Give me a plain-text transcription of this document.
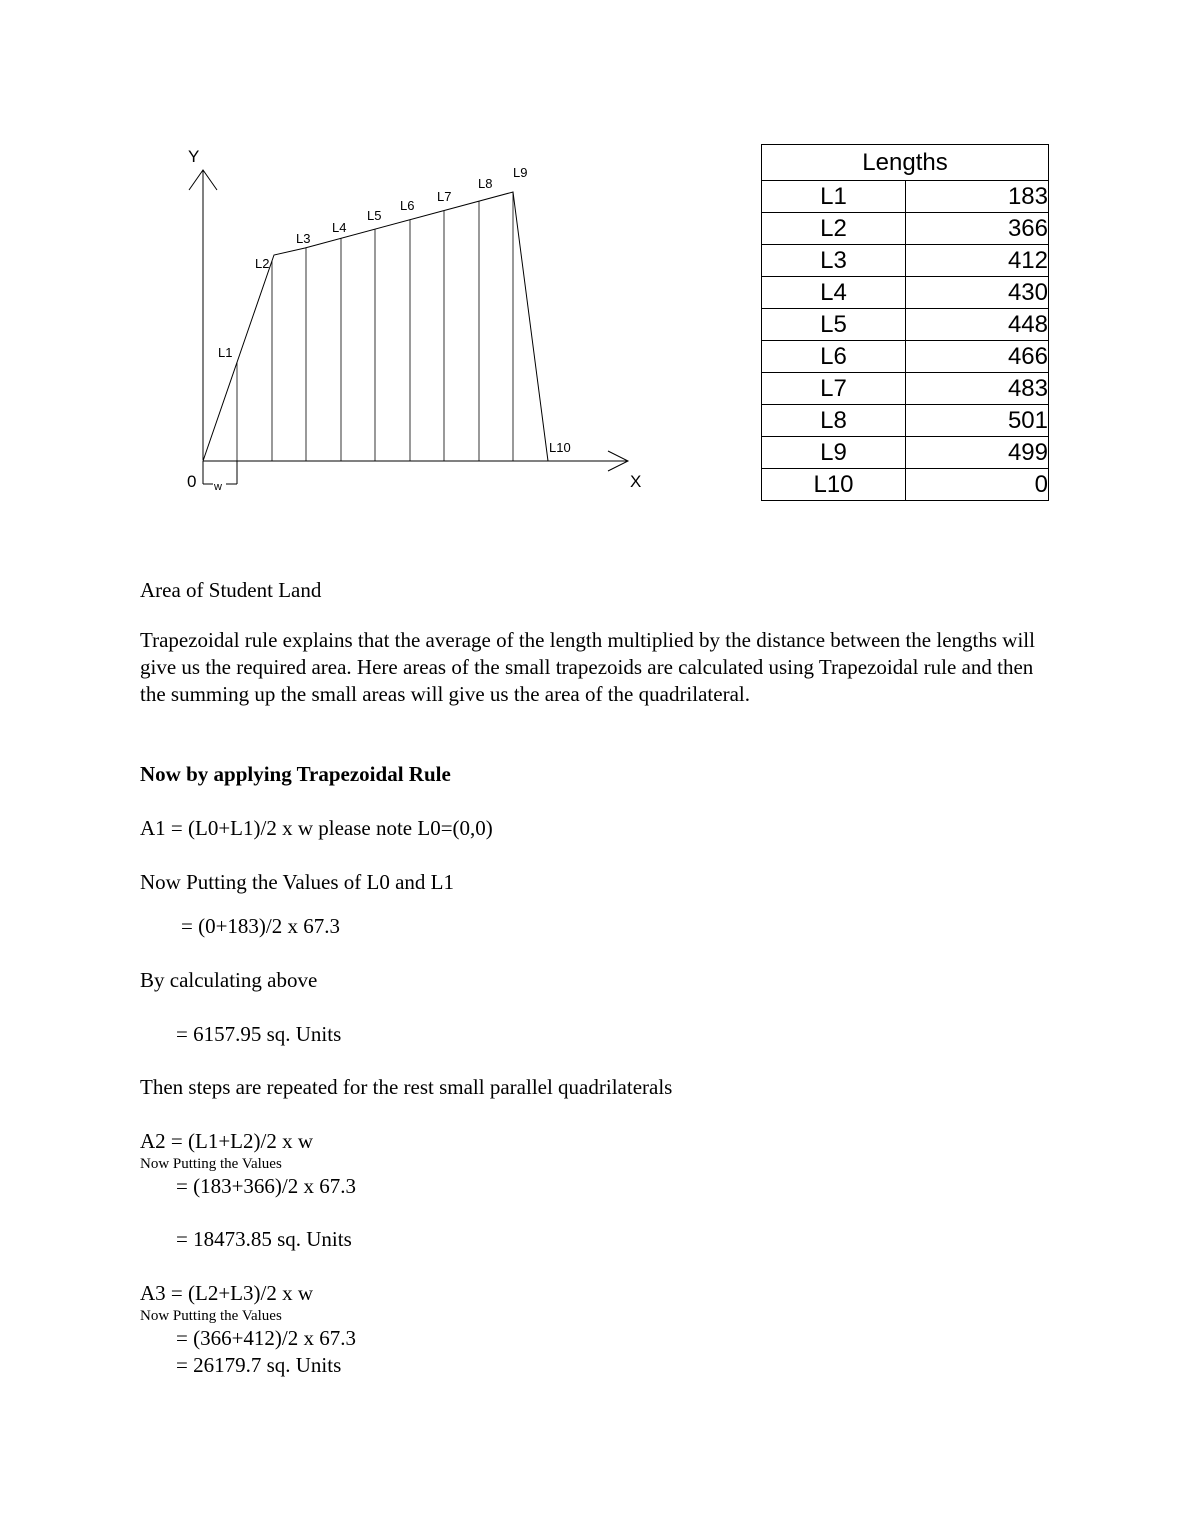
Y
X
0 w
L1
L2
L3
L4
L5
L6
L7
L8
L9
L10
Lengths	
L1	183
L2	366
L3	412
L4	430
L5	448
L6	466
L7	483
L8	501
L9	499
L10	0

Area of Student Land

Trapezoidal rule explains that the average of the length multiplied by the distance between the lengths will give us the required area. Here areas of the small trapezoids are calculated using Trapezoidal rule and then the summing up the small areas will give us the area of the quadrilateral.

Now by applying Trapezoidal Rule

A1 = (L0+L1)/2 x w please note L0=(0,0)

Now Putting the Values of L0 and L1

= (0+183)/2 x 67.3

By calculating above

= 6157.95 sq. Units

Then steps are repeated for the rest small parallel quadrilaterals

A2 = (L1+L2)/2 x w

Now Putting the Values

= (183+366)/2 x 67.3

= 18473.85 sq. Units

A3 = (L2+L3)/2 x w

Now Putting the Values

= (366+412)/2 x 67.3

= 26179.7 sq. Units
